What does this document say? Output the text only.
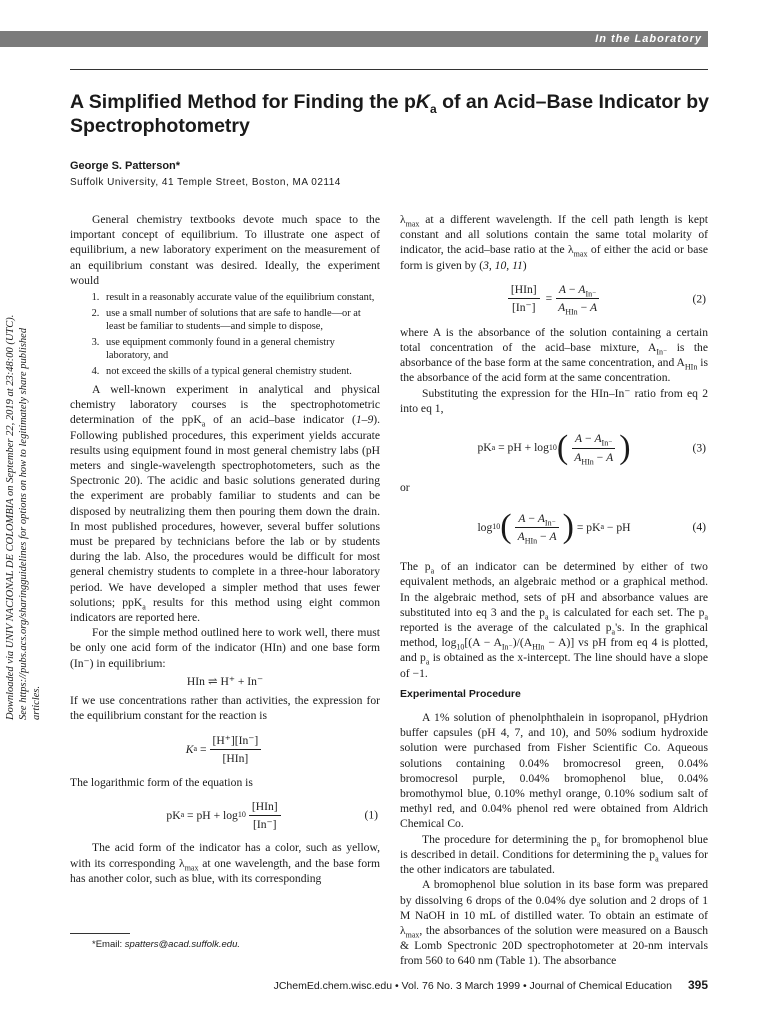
In the Laboratory
A Simplified Method for Finding the $pK_a$ of an Acid–Base Indicator by Spectrophotometry
George S. Patterson*
Suffolk University, 41 Temple Street, Boston, MA 02114
Downloaded via UNIV NACIONAL DE COLOMBIA on September 22, 2019 at 23:48:00 (UTC). See https://pubs.acs.org/sharingguidelines for options on how to legitimately share published articles.

General chemistry textbooks devote much space to the important concept of equilibrium. To illustrate one aspect of equilibrium, a new laboratory experiment on the measurement of an equilibrium constant was desired. Ideally, the experiment would

1. result in a reasonably accurate value of the equilibrium constant,
2. use a small number of solutions that are safe to handle—or at least be familiar to students—and simple to dispose,
3. use equipment commonly found in a general chemistry laboratory, and
4. not exceed the skills of a typical general chemistry student.

A well-known experiment in analytical and physical chemistry laboratory courses is the spectrophotometric determination of the ppK$_a$ of an acid–base indicator (1–9). Following published procedures, this experiment yields accurate results using equipment found in most general chemistry labs (pH meters and single-wavelength spectrophotometers, such as the Spectronic 20). The acidic and basic solutions generated during the experiment are probably familiar to students and can be disposed by neutralizing them then pouring them down the drain. In most published procedures, however, several buffer solutions must be prepared by technicians before the lab or by students during the lab. Also, the procedures would be difficult for most general chemistry students to complete in a three-hour laboratory period. We have developed a simpler method that uses fewer solutions; ppK$_a$ results for this method using eight common indicators are reported here.

For the simple method outlined here to work well, there must be only one acid form of the indicator (HIn) and one base form (In⁻) in equilibrium:

HIn ⇌ H⁺ + In⁻

If we use concentrations rather than activities, the expression for the equilibrium constant for the reaction is

K a
= $\frac{[H^+][In^-]}{\text{[HIn]}}$

The logarithmic form of the equation is

pK a
=
pH
+
$\log 10 \frac{\text{[HIn]}}{[In^-]}$	(1)

The acid form of the indicator has a color, such as yellow, with its corresponding $\lambda_{max}$ at one wavelength, and the base form has another color, such as blue, with its corresponding

$\lambda_{max}$ at a different wavelength. If the cell path length is kept constant and all solutions contain the same total molarity of indicator, the acid–base ratio at the $\lambda_{max}$ of either the acid or base form is given by (3, 10, 11)

$\frac{\text{[HIn]}}{[In^-]}$
= $\frac{A - A_{In^-}}{A_{HIn} - A}$	(2)

where A is the absorbance of the solution containing a certain total concentration of the acid–base mixture, $A_{In^-}$ is the absorbance of the base form at the same concentration, and $A_{HIn}$ is the absorbance of the acid form at the same concentration.

Substituting the expression for the HIn–In⁻ ratio from eq 2 into eq 1,

pK a
=
pH
+
log 10 ( $\frac{A - A_{In^-}}{A_{HIn} - A}$ )	(3)

or

log 10 ( $\frac{A - A_{In^-}}{A_{HIn} - A}$ )
=
pK a
−
pH	(4)

The $p_a$ of an indicator can be determined by either of two equivalent methods, an algebraic method or a graphical method. In the algebraic method, sets of pH and absorbance values are substituted into eq 3 and the $p_a$ is calculated for each set. The $p_a$ reported is the average of the calculated $p_a's$. In the graphical method, $\log_{10}[(A - A_{In^-})/(A_{HIn} - A)]$ vs pH from eq 4 is plotted, and $p_a$ is obtained as the x-intercept. The line should have a slope of −1.

Experimental Procedure

A 1% solution of phenolphthalein in isopropanol, pHydrion buffer capsules (pH 4, 7, and 10), and 50% sodium hydroxide solution were purchased from Fisher Scientific Co. Aqueous solutions containing 0.04% bromocresol green, 0.04% bromocresol purple, 0.04% bromophenol blue, 0.04% bromothymol blue, 0.10% methyl orange, 0.10% sodium salt of methyl red, and 0.04% phenol red were obtained from Aldrich Chemical Co.

The procedure for determining the $p_a$ for bromophenol blue is described in detail. Conditions for determining the $p_a$ values for the other indicators are tabulated.

A bromophenol blue solution in its base form was prepared by dissolving 6 drops of the 0.04% dye solution and 2 drops of 1 M NaOH in 10 mL of distilled water. To obtain an estimate of $\lambda_{max}$, the absorbances of the solution were measured on a Bausch & Lomb Spectronic 20D spectrophotometer at 20-nm intervals from 560 to 640 nm (Table 1). The absorbance

*Email: spatters@acad.suffolk.edu.
JChemEd.chem.wisc.edu • Vol. 76 No. 3 March 1999 • Journal of Chemical Education 395
